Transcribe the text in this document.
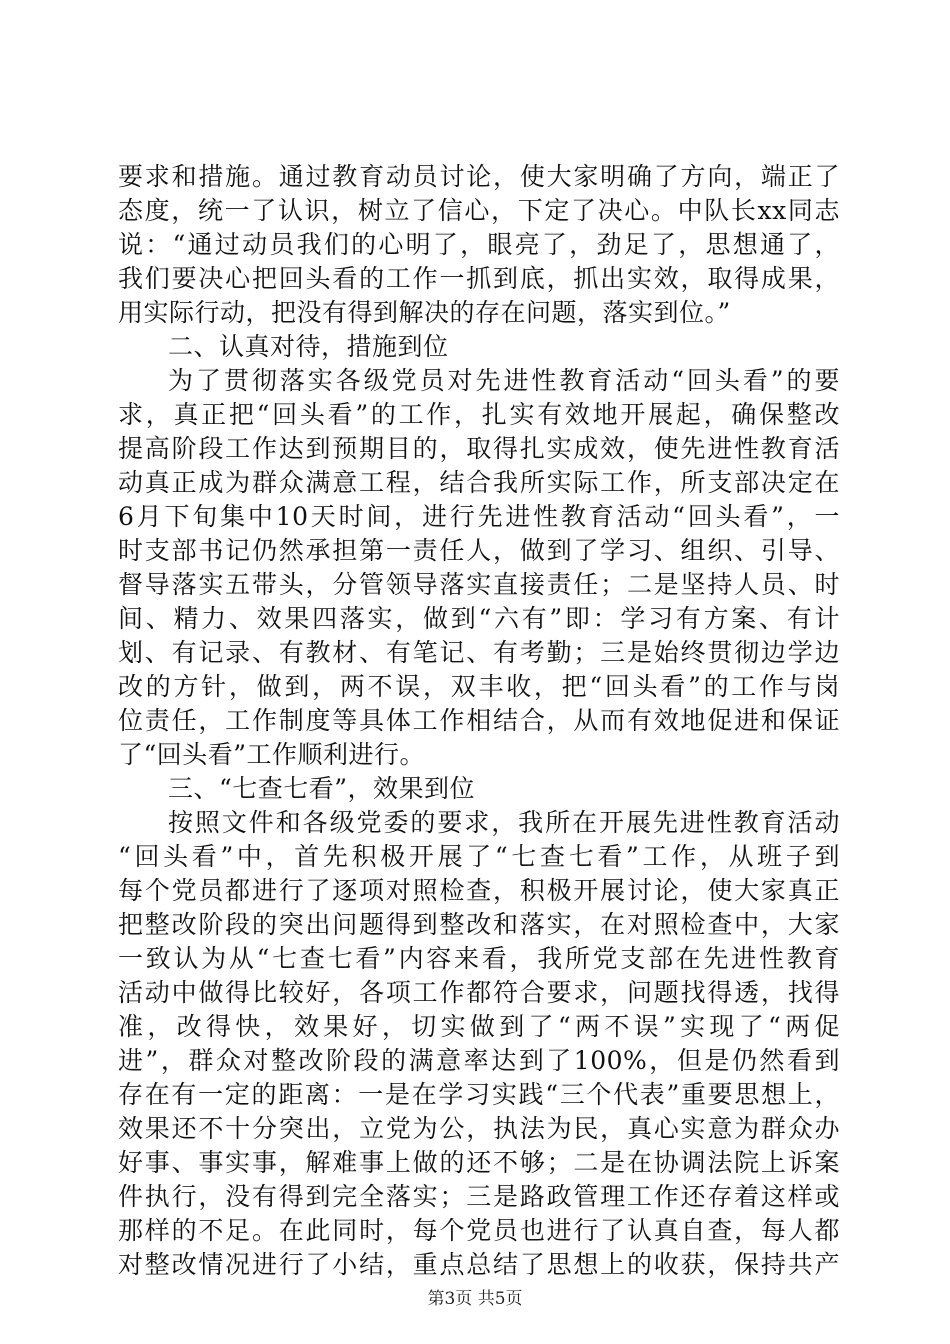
要求和措施。通过教育动员讨论，使大家明确了方向，端正了
态度，统一了认识，树立了信心，下定了决心。中队长xx同志
说：“通过动员我们的心明了，眼亮了，劲足了，思想通了，
我们要决心把回头看的工作一抓到底，抓出实效，取得成果，
用实际行动，把没有得到解决的存在问题，落实到位。”
二、认真对待，措施到位
为了贯彻落实各级党员对先进性教育活动“回头看”的要
求，真正把“回头看”的工作，扎实有效地开展起，确保整改
提高阶段工作达到预期目的，取得扎实成效，使先进性教育活
动真正成为群众满意工程，结合我所实际工作，所支部决定在
6月下旬集中10天时间，进行先进性教育活动“回头看”，一
时支部书记仍然承担第一责任人，做到了学习、组织、引导、
督导落实五带头，分管领导落实直接责任；二是坚持人员、时
间、精力、效果四落实，做到“六有”即：学习有方案、有计
划、有记录、有教材、有笔记、有考勤；三是始终贯彻边学边
改的方针，做到，两不误，双丰收，把“回头看”的工作与岗
位责任，工作制度等具体工作相结合，从而有效地促进和保证
了“回头看”工作顺利进行。
三、“七查七看”，效果到位
按照文件和各级党委的要求，我所在开展先进性教育活动
“回头看”中，首先积极开展了“七查七看”工作，从班子到
每个党员都进行了逐项对照检查，积极开展讨论，使大家真正
把整改阶段的突出问题得到整改和落实，在对照检查中，大家
一致认为从“七查七看”内容来看，我所党支部在先进性教育
活动中做得比较好，各项工作都符合要求，问题找得透，找得
准，改得快，效果好，切实做到了“两不误”实现了“两促
进”，群众对整改阶段的满意率达到了100%，但是仍然看到
存在有一定的距离：一是在学习实践“三个代表”重要思想上，
效果还不十分突出，立党为公，执法为民，真心实意为群众办
好事、事实事，解难事上做的还不够；二是在协调法院上诉案
件执行，没有得到完全落实；三是路政管理工作还存着这样或
那样的不足。在此同时，每个党员也进行了认真自查，每人都
对整改情况进行了小结，重点总结了思想上的收获，保持共产
第3页 共5页
